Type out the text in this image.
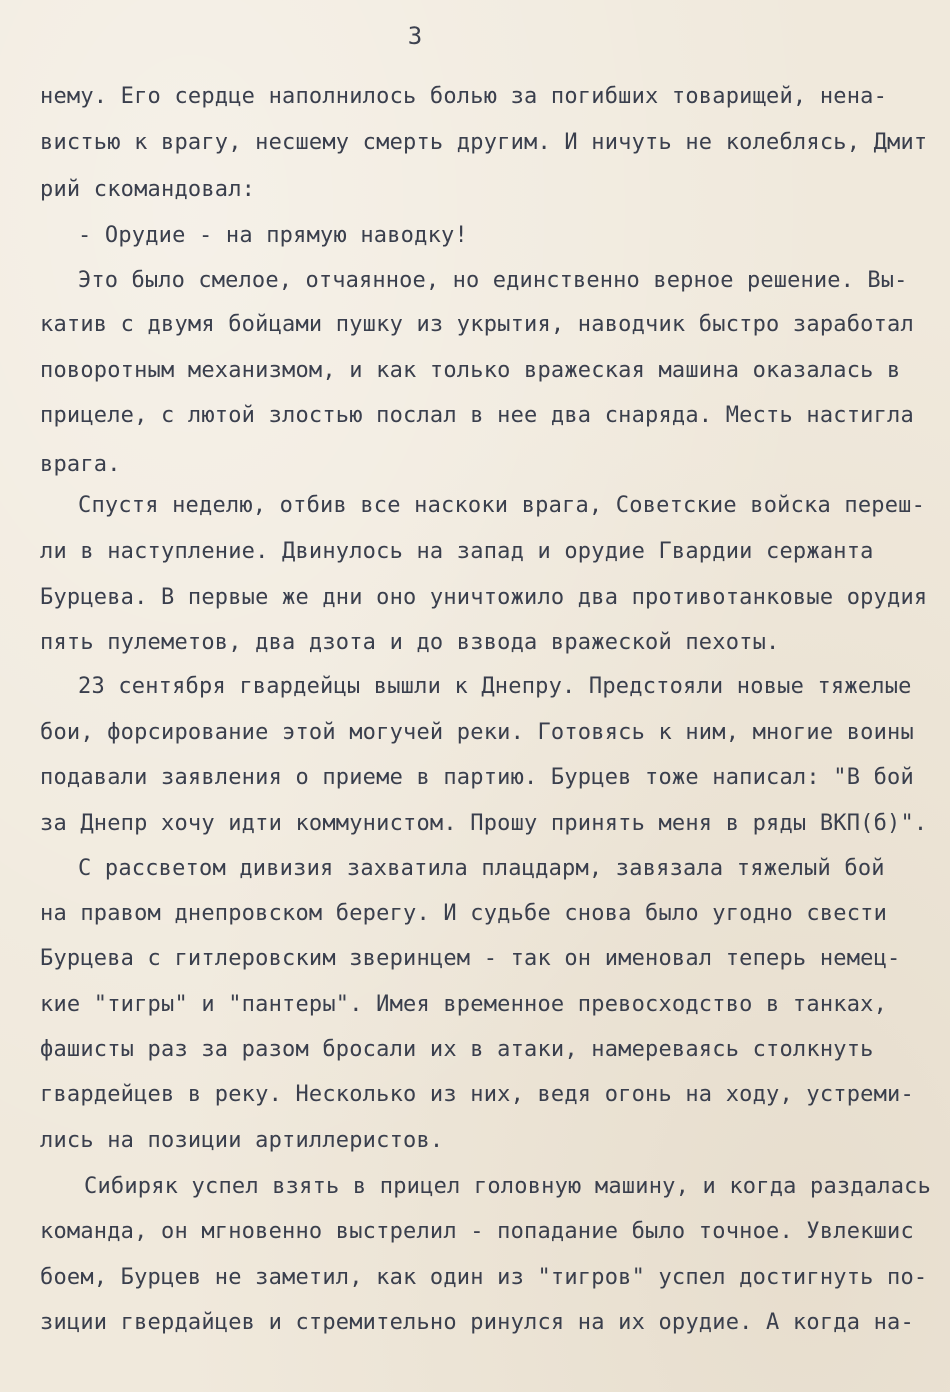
3
нему. Его сердце наполнилось болью за погибших товарищей, нена-
вистью к врагу, несшему смерть другим. И ничуть не колеблясь, Дмит
рий скомандовал:
- Орудие - на прямую наводку!
Это было смелое, отчаянное, но единственно верное решение. Вы-
катив с двумя бойцами пушку из укрытия, наводчик быстро заработал
поворотным механизмом, и как только вражеская машина оказалась в
прицеле, с лютой злостью послал в нее два снаряда. Месть настигла
врага.
Спустя неделю, отбив все наскоки врага, Советские войска переш-
ли в наступление. Двинулось на запад и орудие Гвардии сержанта
Бурцева. В первые же дни оно уничтожило два противотанковые орудия
пять пулеметов, два дзота и до взвода вражеской пехоты.
23 сентября гвардейцы вышли к Днепру. Предстояли новые тяжелые
бои, форсирование этой могучей реки. Готовясь к ним, многие воины
подавали заявления о приеме в партию. Бурцев тоже написал: "В бой
за Днепр хочу идти коммунистом. Прошу принять меня в ряды ВКП(б)".
С рассветом дивизия захватила плацдарм, завязала тяжелый бой
на правом днепровском берегу. И судьбе снова было угодно свести
Бурцева с гитлеровским зверинцем - так он именовал теперь немец-
кие "тигры" и "пантеры". Имея временное превосходство в танках,
фашисты раз за разом бросали их в атаки, намереваясь столкнуть
гвардейцев в реку. Несколько из них, ведя огонь на ходу, устреми-
лись на позиции артиллеристов.
Сибиряк успел взять в прицел головную машину, и когда раздалась
команда, он мгновенно выстрелил - попадание было точное. Увлекшис
боем, Бурцев не заметил, как один из "тигров" успел достигнуть по-
зиции гвердайцев и стремительно ринулся на их орудие. А когда на-
